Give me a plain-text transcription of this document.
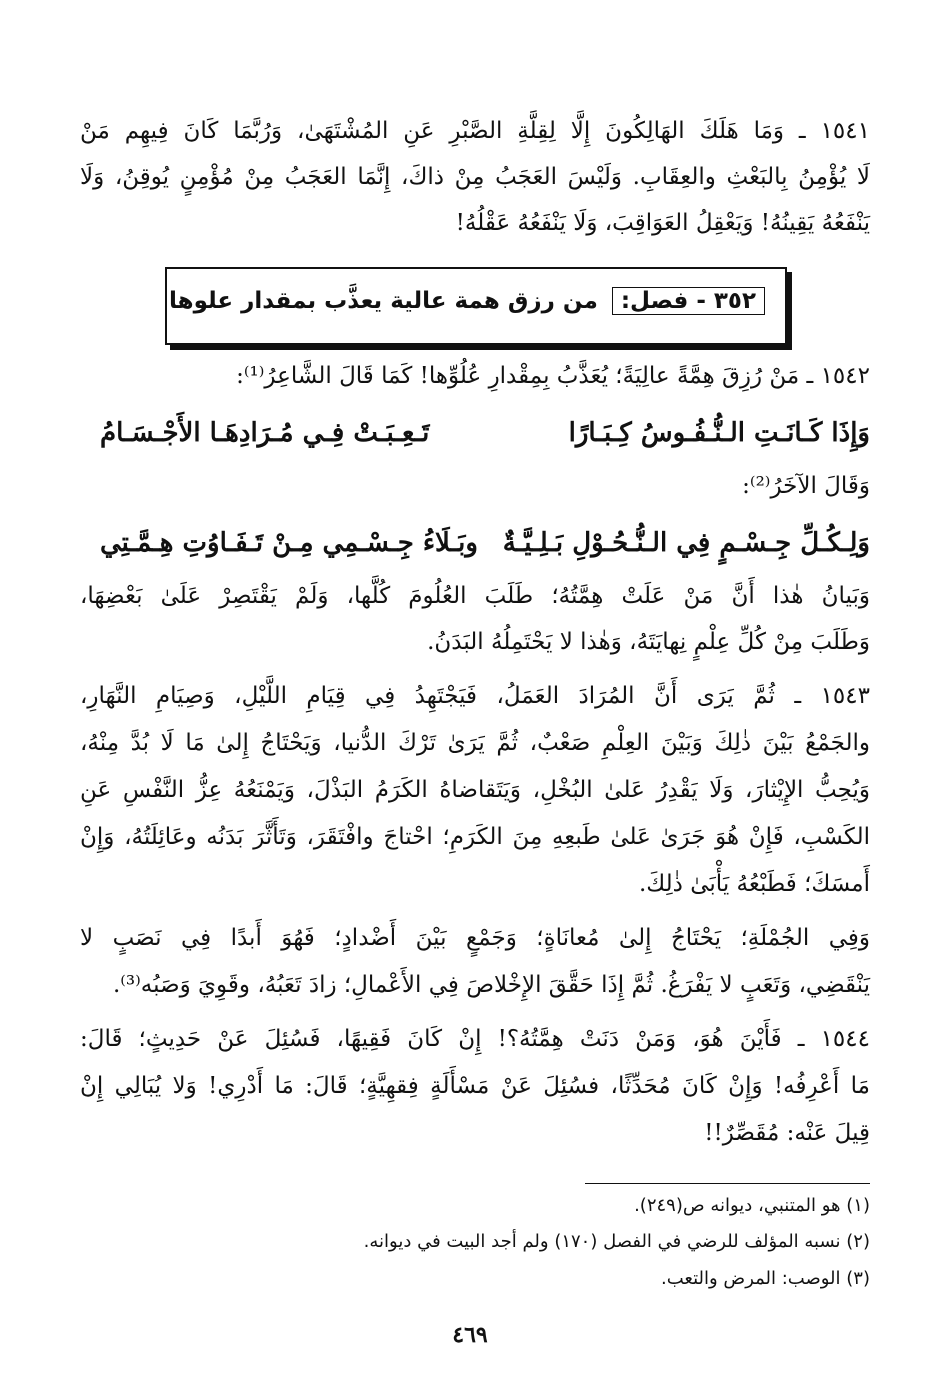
١٥٤١ ـ وَمَا هَلَكَ الهَالِكُونَ إِلَّا لِقِلَّةِ الصَّبْرِ عَنِ المُشْتَهَىٰ، وَرُبَّمَا كَانَ فِيهِم مَنْ
لَا يُؤْمِنُ بِالبَعْثِ والعِقَابِ. وَلَيْسَ العَجَبُ مِنْ ذاكَ، إِنَّمَا العَجَبُ مِنْ مُؤْمِنٍ يُوقِنُ، وَلَا
يَنْفَعُهُ يَقِينُهُ! وَيَعْقِلُ العَوَاقِبَ، وَلَا يَنْفَعُهُ عَقْلُهُ!
٣٥٢ - فصل: من رزق همة عالية يعذَّب بمقدار علوها
١٥٤٢ ـ مَنْ رُزِقَ هِمَّةً عالِيَةً؛ يُعَذَّبُ بِمِقْدارِ عُلُوِّها! كَمَا قَالَ الشَّاعِرُ⁽¹⁾:
وَإِذَا كَـانَـتِ الـنُّـفُـوسُ كِـبَـارًا
تَـعِـبَـتْ فِـي مُـرَادِهَـا الأَجْـسَـامُ
وَقَالَ الآخَرُ⁽²⁾:
وَلِـكُـلِّ جِـسْـمٍ فِي الـنُّـحُـوْلِ بَـلِـيَّـةٌ
وبَـلَاءُ جِـسْـمِي مِـنْ تَـفَـاوُتِ هِـمَّـتِي
وَبَيانُ هٰذا أَنَّ مَنْ عَلَتْ هِمَّتُهُ؛ طَلَبَ العُلُومَ كُلَّها، وَلَمْ يَقْتَصِرْ عَلَىٰ بَعْضِهَا،
وَطَلَبَ مِنْ كُلِّ عِلْمٍ نِهايَتَهُ، وَهٰذا لا يَحْتَمِلُهُ البَدَنُ.
١٥٤٣ ـ ثُمَّ يَرَى أَنَّ المُرَادَ العَمَلُ، فَيَجْتَهِدُ فِي قِيَامِ اللَّيْلِ، وَصِيَامِ النَّهَارِ،
والجَمْعُ بَيْنَ ذٰلِكَ وَبَيْنَ العِلْمِ صَعْبٌ، ثُمَّ يَرَىٰ تَرْكَ الدُّنيا، وَيَحْتَاجُ إِلىٰ مَا لَا بُدَّ مِنْهُ،
وَيُحِبُّ الإِيْثارَ، وَلَا يَقْدِرُ عَلىٰ البُخْلِ، وَيَتَقاضاهُ الكَرَمُ البَذْلَ، وَيَمْنَعُهُ عِزُّ النَّفْسِ عَنِ
الكَسْبِ، فَإِنْ هُوَ جَرَىٰ عَلىٰ طَبعِهِ مِنَ الكَرَمِ؛ احْتاجَ وافْتَقَرَ، وَتَأَثَّرَ بَدَنُه وعَائِلَتُهُ، وَإِنْ
أَمسَكَ؛ فَطَبْعُهُ يَأْبَىٰ ذٰلِكَ.
وَفِي الجُمْلَةِ؛ يَحْتَاجُ إِلىٰ مُعانَاةٍ؛ وَجَمْعٍ بَيْنَ أَضْدادٍ؛ فَهُوَ أَبدًا فِي نَصَبٍ لا
يَنْقَضِي، وَتَعَبٍ لا يَفْرَغُ. ثُمَّ إِذَا حَقَّقَ الإِخْلاصَ فِي الأَعْمالِ؛ زادَ تَعَبُهُ، وقَوِيَ وَصَبُه⁽³⁾.
١٥٤٤ ـ فَأَيْنَ هُوَ، وَمَنْ دَنَتْ هِمَّتُهُ؟! إِنْ كَانَ فَقِيهًا، فَسُئِلَ عَنْ حَدِيثٍ؛ قَالَ:
مَا أَعْرِفُه! وَإِنْ كَانَ مُحَدِّثًا، فسُئِلَ عَنْ مَسْأَلَةٍ فِقهِيَّةٍ؛ قَالَ: مَا أَدْرِي! وَلا يُبَالِي إِنْ
قِيلَ عَنْه: مُقَصِّرٌ!!
(١) هو المتنبي، ديوانه ص(٢٤٩).
(٢) نسبه المؤلف للرضي في الفصل (١٧٠) ولم أجد البيت في ديوانه.
(٣) الوصب: المرض والتعب.
٤٦٩
